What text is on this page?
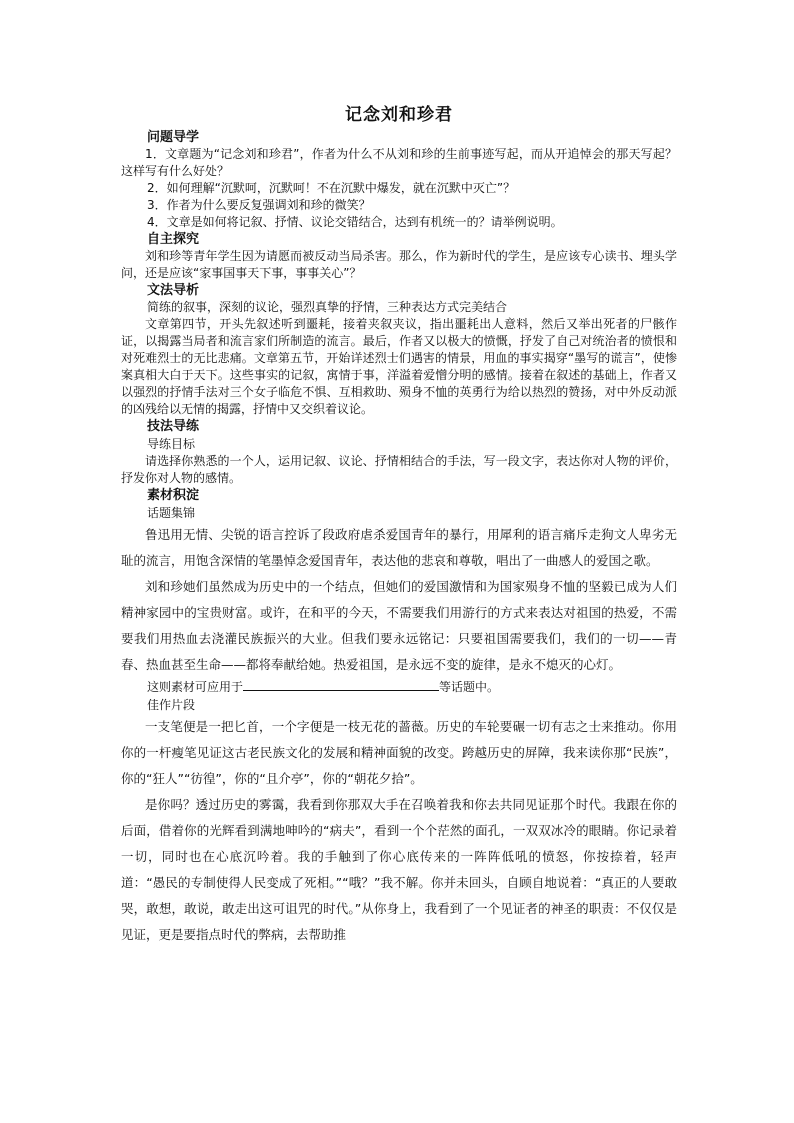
记念刘和珍君
问题导学

1．文章题为“记念刘和珍君”，作者为什么不从刘和珍的生前事迹写起，而从开追悼会的那天写起？这样写有什么好处？

2．如何理解“沉默呵，沉默呵！不在沉默中爆发，就在沉默中灭亡”？

3．作者为什么要反复强调刘和珍的微笑？

4．文章是如何将记叙、抒情、议论交错结合，达到有机统一的？请举例说明。

自主探究

刘和珍等青年学生因为请愿而被反动当局杀害。那么，作为新时代的学生，是应该专心读书、埋头学问，还是应该“家事国事天下事，事事关心”？

文法导析

简练的叙事，深刻的议论，强烈真挚的抒情，三种表达方式完美结合

文章第四节，开头先叙述听到噩耗，接着夹叙夹议，指出噩耗出人意料，然后又举出死者的尸骸作证，以揭露当局者和流言家们所制造的流言。最后，作者又以极大的愤慨，抒发了自己对统治者的愤恨和对死难烈士的无比悲痛。文章第五节，开始详述烈士们遇害的情景，用血的事实揭穿“墨写的谎言”，使惨案真相大白于天下。这些事实的记叙，寓情于事，洋溢着爱憎分明的感情。接着在叙述的基础上，作者又以强烈的抒情手法对三个女子临危不惧、互相救助、殒身不恤的英勇行为给以热烈的赞扬，对中外反动派的凶残给以无情的揭露，抒情中又交织着议论。

技法导练

导练目标

请选择你熟悉的一个人，运用记叙、议论、抒情相结合的手法，写一段文字，表达你对人物的评价，抒发你对人物的感情。

素材积淀

话题集锦

鲁迅用无情、尖锐的语言控诉了段政府虐杀爱国青年的暴行，用犀利的语言痛斥走狗文人卑劣无耻的流言，用饱含深情的笔墨悼念爱国青年，表达他的悲哀和尊敬，唱出了一曲感人的爱国之歌。

刘和珍她们虽然成为历史中的一个结点，但她们的爱国激情和为国家殒身不恤的坚毅已成为人们精神家园中的宝贵财富。或许，在和平的今天，不需要我们用游行的方式来表达对祖国的热爱，不需要我们用热血去浇灌民族振兴的大业。但我们要永远铭记：只要祖国需要我们，我们的一切——青春、热血甚至生命——都将奉献给她。热爱祖国，是永远不变的旋律，是永不熄灭的心灯。

这则素材可应用于	等话题中。

佳作片段

一支笔便是一把匕首，一个字便是一枝无花的蔷薇。历史的车轮要碾一切有志之士来推动。你用你的一杆瘦笔见证这古老民族文化的发展和精神面貌的改变。跨越历史的屏障，我来读你那“民族”，你的“狂人”“彷徨”，你的“且介亭”，你的“朝花夕拾”。

是你吗？透过历史的雾霭，我看到你那双大手在召唤着我和你去共同见证那个时代。我跟在你的后面，借着你的光辉看到满地呻吟的“病夫”，看到一个个茫然的面孔，一双双冰冷的眼睛。你记录着一切，同时也在心底沉吟着。我的手触到了你心底传来的一阵阵低吼的愤怒，你按捺着，轻声道：“愚民的专制使得人民变成了死相。”“哦？”我不解。你并未回头，自顾自地说着：“真正的人要敢哭，敢想，敢说，敢走出这可诅咒的时代。”从你身上，我看到了一个见证者的神圣的职责：不仅仅是见证，更是要指点时代的弊病，去帮助推
